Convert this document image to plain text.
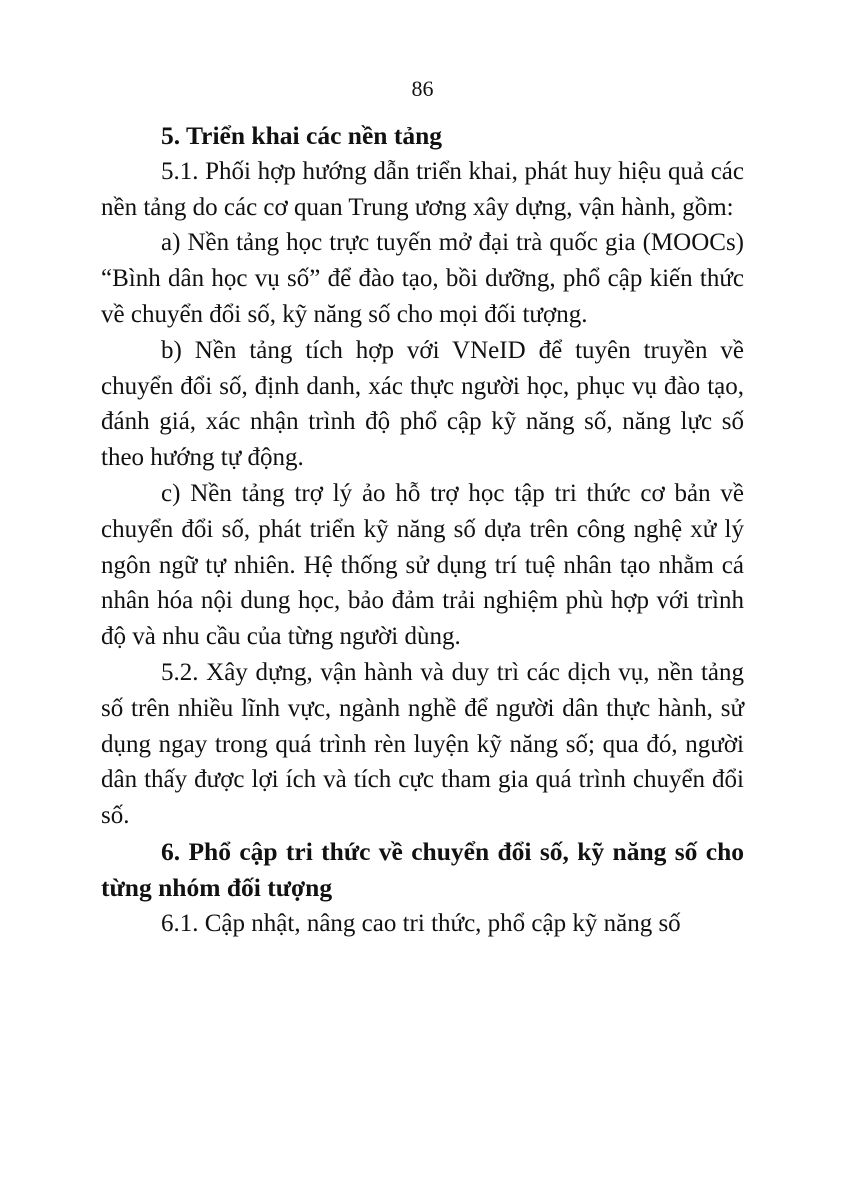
86
5. Triển khai các nền tảng

5.1. Phối hợp hướng dẫn triển khai, phát huy hiệu quả các nền tảng do các cơ quan Trung ương xây dựng, vận hành, gồm:

a) Nền tảng học trực tuyến mở đại trà quốc gia (MOOCs) “Bình dân học vụ số” để đào tạo, bồi dưỡng, phổ cập kiến thức về chuyển đổi số, kỹ năng số cho mọi đối tượng.

b) Nền tảng tích hợp với VNeID để tuyên truyền về chuyển đổi số, định danh, xác thực người học, phục vụ đào tạo, đánh giá, xác nhận trình độ phổ cập kỹ năng số, năng lực số theo hướng tự động.

c) Nền tảng trợ lý ảo hỗ trợ học tập tri thức cơ bản về chuyển đổi số, phát triển kỹ năng số dựa trên công nghệ xử lý ngôn ngữ tự nhiên. Hệ thống sử dụng trí tuệ nhân tạo nhằm cá nhân hóa nội dung học, bảo đảm trải nghiệm phù hợp với trình độ và nhu cầu của từng người dùng.

5.2. Xây dựng, vận hành và duy trì các dịch vụ, nền tảng số trên nhiều lĩnh vực, ngành nghề để người dân thực hành, sử dụng ngay trong quá trình rèn luyện kỹ năng số; qua đó, người dân thấy được lợi ích và tích cực tham gia quá trình chuyển đổi số.

6. Phổ cập tri thức về chuyển đổi số, kỹ năng số cho từng nhóm đối tượng

6.1. Cập nhật, nâng cao tri thức, phổ cập kỹ năng số
